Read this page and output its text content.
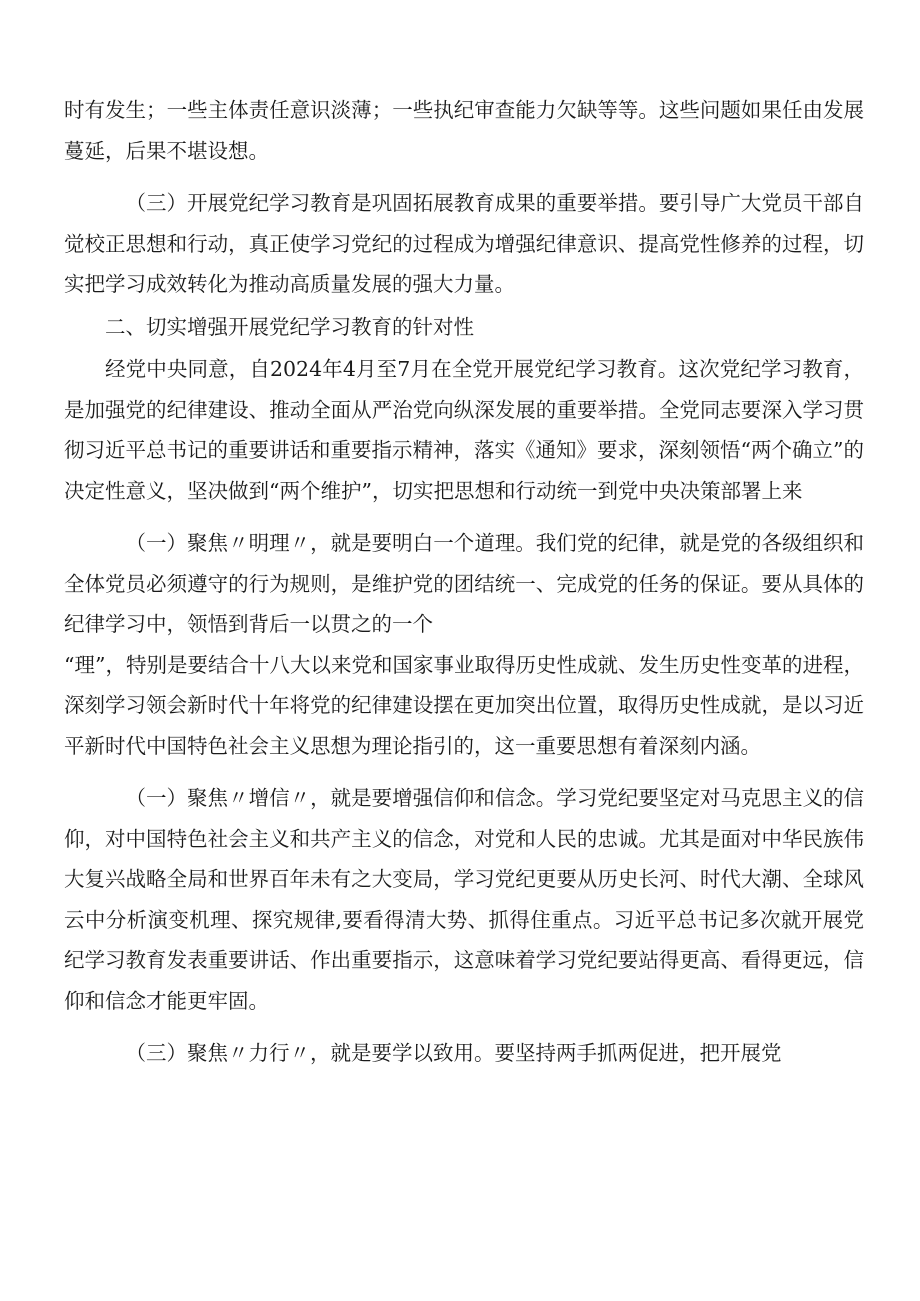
时有发生；一些主体责任意识淡薄；一些执纪审查能力欠缺等等。这些问题如果任由发展蔓延，后果不堪设想。

（三）开展党纪学习教育是巩固拓展教育成果的重要举措。要引导广大党员干部自觉校正思想和行动，真正使学习党纪的过程成为增强纪律意识、提高党性修养的过程，切实把学习成效转化为推动高质量发展的强大力量。

二、切实增强开展党纪学习教育的针对性

经党中央同意，自2024年4月至7月在全党开展党纪学习教育。这次党纪学习教育，是加强党的纪律建设、推动全面从严治党向纵深发展的重要举措。全党同志要深入学习贯彻习近平总书记的重要讲话和重要指示精神，落实《通知》要求，深刻领悟“两个确立”的决定性意义，坚决做到“两个维护”，切实把思想和行动统一到党中央决策部署上来

（一）聚焦〃明理〃，就是要明白一个道理。我们党的纪律，就是党的各级组织和全体党员必须遵守的行为规则，是维护党的团结统一、完成党的任务的保证。要从具体的纪律学习中，领悟到背后一以贯之的一个

“理”，特别是要结合十八大以来党和国家事业取得历史性成就、发生历史性变革的进程，深刻学习领会新时代十年将党的纪律建设摆在更加突出位置，取得历史性成就，是以习近平新时代中国特色社会主义思想为理论指引的，这一重要思想有着深刻内涵。

（一）聚焦〃增信〃，就是要增强信仰和信念。学习党纪要坚定对马克思主义的信仰，对中国特色社会主义和共产主义的信念，对党和人民的忠诚。尤其是面对中华民族伟大复兴战略全局和世界百年未有之大变局，学习党纪更要从历史长河、时代大潮、全球风云中分析演变机理、探究规律,要看得清大势、抓得住重点。习近平总书记多次就开展党纪学习教育发表重要讲话、作出重要指示，这意味着学习党纪要站得更高、看得更远，信仰和信念才能更牢固。

（三）聚焦〃力行〃，就是要学以致用。要坚持两手抓两促进，把开展党
